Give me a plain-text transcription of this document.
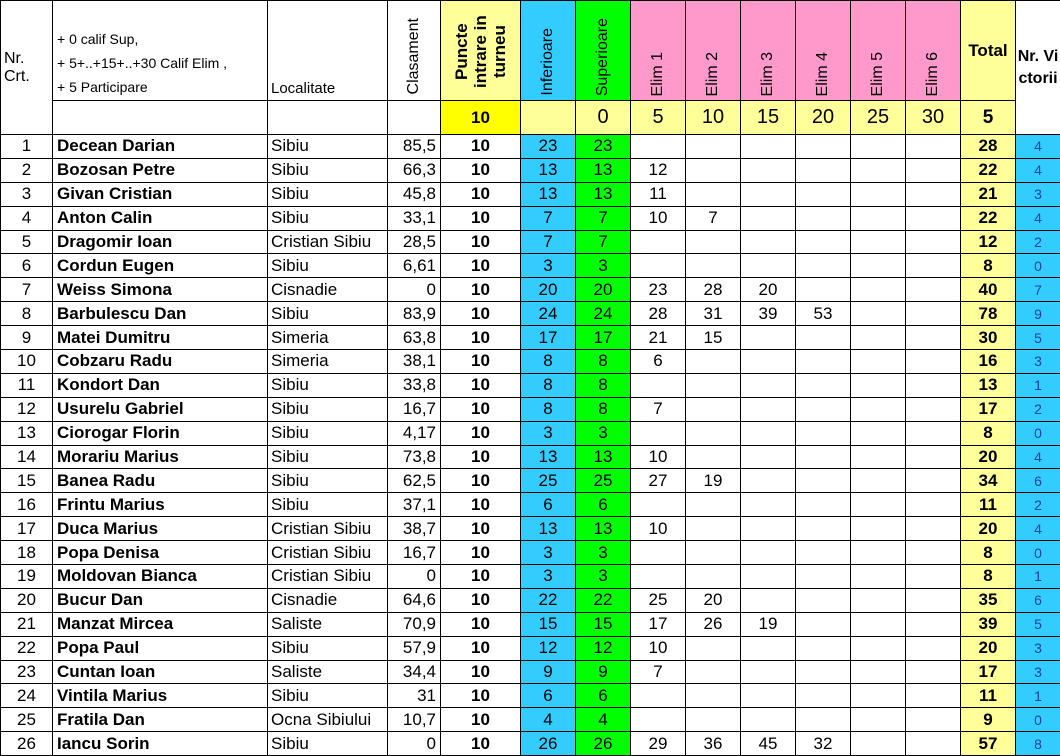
Nr. Crt.	+ 0 calif Sup,
+ 5+..+15+..+30 Calif Elim ,
+ 5 Participare	Localitate	Clasament	Puncte intrare in turneu	Inferioare	Superioare	Elim 1	Elim 2	Elim 3	Elim 4	Elim 5	Elim 6	Total	Nr. Victorii
				10		0	5	10	15	20	25	30	5	
1	Decean Darian	Sibiu	85,5	10	23	23							28	4
2	Bozosan Petre	Sibiu	66,3	10	13	13	12						22	4
3	Givan Cristian	Sibiu	45,8	10	13	13	11						21	3
4	Anton Calin	Sibiu	33,1	10	7	7	10	7					22	4
5	Dragomir Ioan	Cristian Sibiu	28,5	10	7	7							12	2
6	Cordun Eugen	Sibiu	6,61	10	3	3							8	0
7	Weiss Simona	Cisnadie	0	10	20	20	23	28	20				40	7
8	Barbulescu Dan	Sibiu	83,9	10	24	24	28	31	39	53			78	9
9	Matei Dumitru	Simeria	63,8	10	17	17	21	15					30	5
10	Cobzaru Radu	Simeria	38,1	10	8	8	6						16	3
11	Kondort Dan	Sibiu	33,8	10	8	8							13	1
12	Usurelu Gabriel	Sibiu	16,7	10	8	8	7						17	2
13	Ciorogar Florin	Sibiu	4,17	10	3	3							8	0
14	Morariu Marius	Sibiu	73,8	10	13	13	10						20	4
15	Banea Radu	Sibiu	62,5	10	25	25	27	19					34	6
16	Frintu Marius	Sibiu	37,1	10	6	6							11	2
17	Duca Marius	Cristian Sibiu	38,7	10	13	13	10						20	4
18	Popa Denisa	Cristian Sibiu	16,7	10	3	3							8	0
19	Moldovan Bianca	Cristian Sibiu	0	10	3	3							8	1
20	Bucur Dan	Cisnadie	64,6	10	22	22	25	20					35	6
21	Manzat Mircea	Saliste	70,9	10	15	15	17	26	19				39	5
22	Popa Paul	Sibiu	57,9	10	12	12	10						20	3
23	Cuntan Ioan	Saliste	34,4	10	9	9	7						17	3
24	Vintila Marius	Sibiu	31	10	6	6							11	1
25	Fratila Dan	Ocna Sibiului	10,7	10	4	4							9	0
26	Iancu Sorin	Sibiu	0	10	26	26	29	36	45	32			57	8
